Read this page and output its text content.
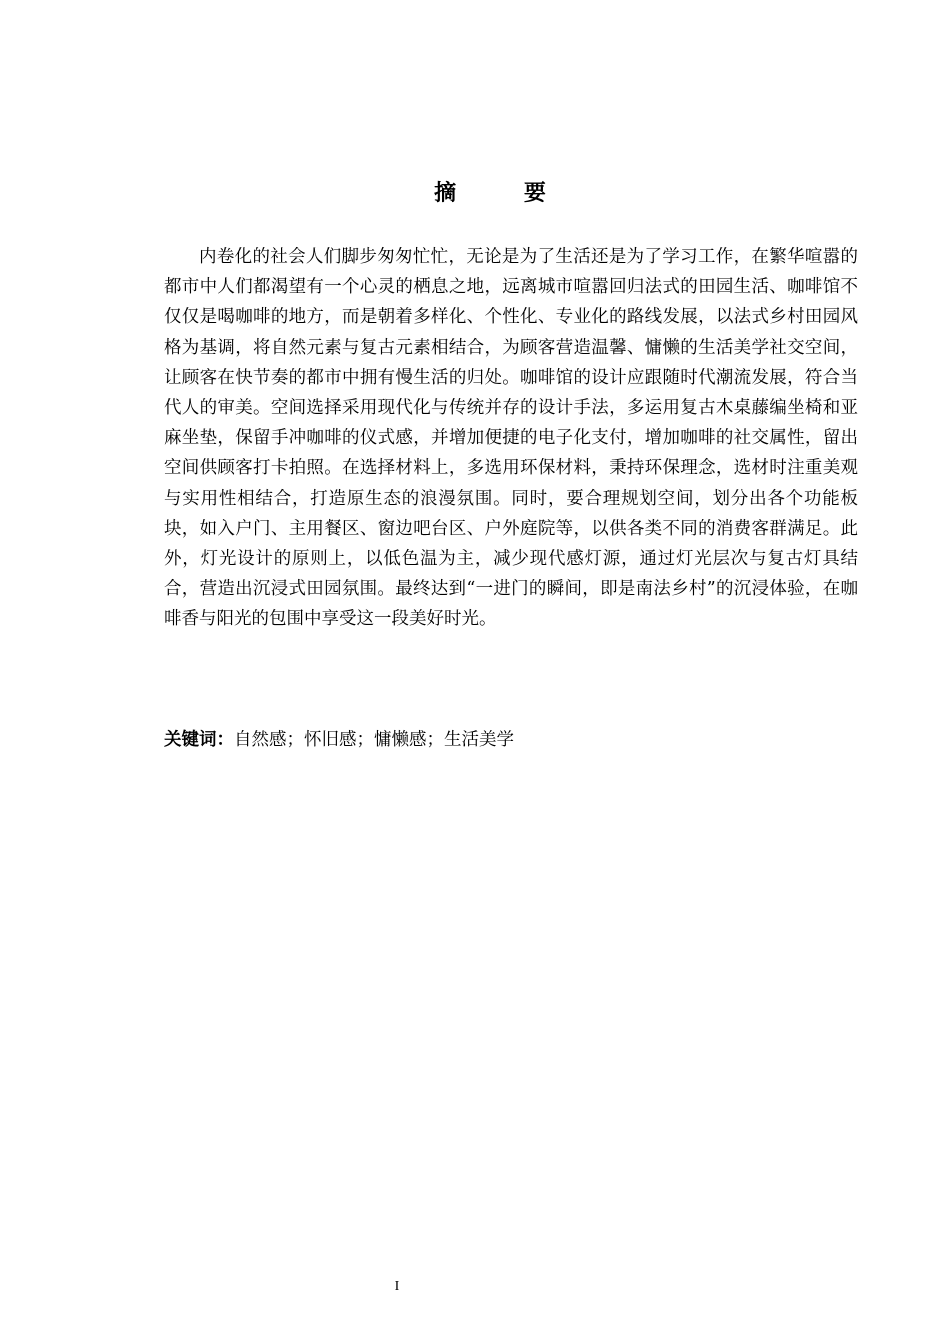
摘 要

内卷化的社会人们脚步匆匆忙忙，无论是为了生活还是为了学习工作，在繁华喧嚣的都市中人们都渴望有一个心灵的栖息之地，远离城市喧嚣回归法式的田园生活、咖啡馆不仅仅是喝咖啡的地方，而是朝着多样化、个性化、专业化的路线发展，以法式乡村田园风格为基调，将自然元素与复古元素相结合，为顾客营造温馨、慵懒的生活美学社交空间，让顾客在快节奏的都市中拥有慢生活的归处。咖啡馆的设计应跟随时代潮流发展，符合当代人的审美。空间选择采用现代化与传统并存的设计手法，多运用复古木桌藤编坐椅和亚麻坐垫，保留手冲咖啡的仪式感，并增加便捷的电子化支付，增加咖啡的社交属性，留出空间供顾客打卡拍照。在选择材料上，多选用环保材料，秉持环保理念，选材时注重美观与实用性相结合，打造原生态的浪漫氛围。同时，要合理规划空间，划分出各个功能板块，如入户门、主用餐区、窗边吧台区、户外庭院等，以供各类不同的消费客群满足。此外，灯光设计的原则上，以低色温为主，减少现代感灯源，通过灯光层次与复古灯具结合，营造出沉浸式田园氛围。最终达到“一进门的瞬间，即是南法乡村”的沉浸体验，在咖啡香与阳光的包围中享受这一段美好时光。

关键词：自然感；怀旧感；慵懒感；生活美学
I
